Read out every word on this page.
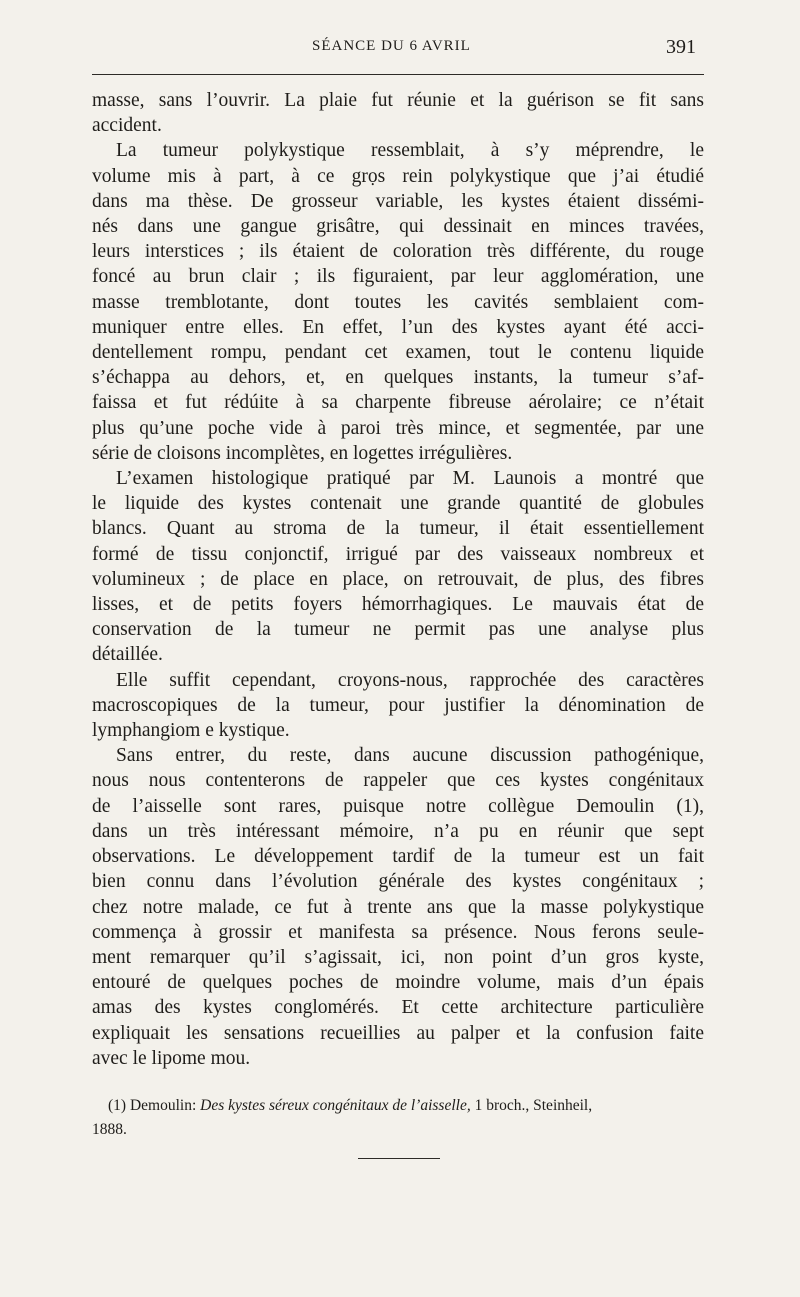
SÉANCE DU 6 AVRIL	391
masse, sans l’ouvrir. La plaie fut réunie et la guérison se fit sans
accident.
La tumeur polykystique ressemblait, à s’y méprendre, le
volume mis à part, à ce grọs rein polykystique que j’ai étudié
dans ma thèse. De grosseur variable, les kystes étaient dissémi-
nés dans une gangue grisâtre, qui dessinait en minces travées,
leurs interstices ; ils étaient de coloration très différente, du rouge
foncé au brun clair ; ils figuraient, par leur agglomération, une
masse tremblotante, dont toutes les cavités semblaient com-
muniquer entre elles. En effet, l’un des kystes ayant été acci-
dentellement rompu, pendant cet examen, tout le contenu liquide
s’échappa au dehors, et, en quelques instants, la tumeur s’af-
faissa et fut rédúite à sa charpente fibreuse aérolaire; ce n’était
plus qu’une poche vide à paroi très mince, et segmentée, par une
série de cloisons incomplètes, en logettes irrégulières.
L’examen histologique pratiqué par M. Launois a montré que
le liquide des kystes contenait une grande quantité de globules
blancs. Quant au stroma de la tumeur, il était essentiellement
formé de tissu conjonctif, irrigué par des vaisseaux nombreux et
volumineux ; de place en place, on retrouvait, de plus, des fibres
lisses, et de petits foyers hémorrhagiques. Le mauvais état de
conservation de la tumeur ne permit pas une analyse plus
détaillée.
Elle suffit cependant, croyons-nous, rapprochée des caractères
macroscopiques de la tumeur, pour justifier la dénomination de
lymphangiom e kystique.
Sans entrer, du reste, dans aucune discussion pathogénique,
nous nous contenterons de rappeler que ces kystes congénitaux
de l’aisselle sont rares, puisque notre collègue Demoulin (1),
dans un très intéressant mémoire, n’a pu en réunir que sept
observations. Le développement tardif de la tumeur est un fait
bien connu dans l’évolution générale des kystes congénitaux ;
chez notre malade, ce fut à trente ans que la masse polykystique
commença à grossir et manifesta sa présence. Nous ferons seule-
ment remarquer qu’il s’agissait, ici, non point d’un gros kyste,
entouré de quelques poches de moindre volume, mais d’un épais
amas des kystes conglomérés. Et cette architecture particulière
expliquait les sensations recueillies au palper et la confusion faite
avec le lipome mou.
(1) Demoulin: Des kystes séreux congénitaux de l’aisselle, 1 broch., Steinheil,
1888.
